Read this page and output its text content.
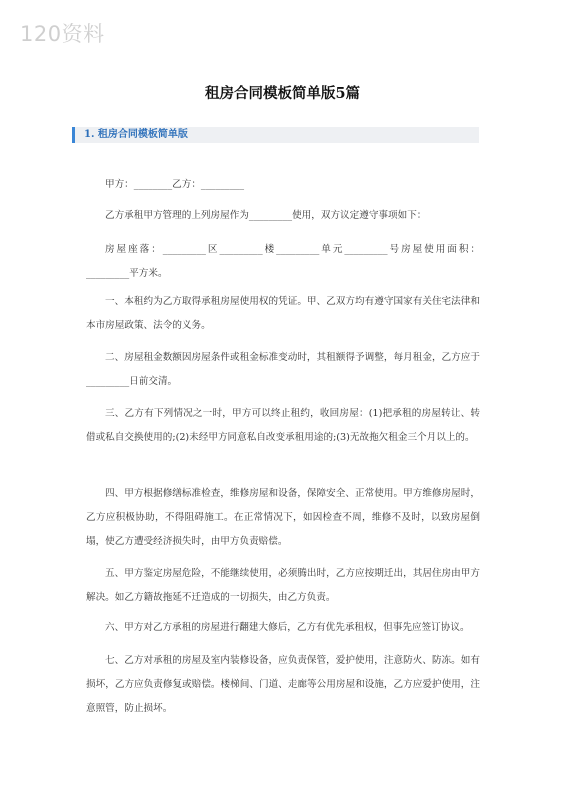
120资料
租房合同模板简单版5篇
1. 租房合同模板简单版

甲方：________乙方：_________

乙方承租甲方管理的上列房屋作为_________使用，双方议定遵守事项如下：

房屋座落：_________区_________楼_________单元_________号房屋使用面积：_________平方米。

一、本租约为乙方取得承租房屋使用权的凭证。甲、乙双方均有遵守国家有关住宅法律和本市房屋政策、法令的义务。

二、房屋租金数额因房屋条件或租金标准变动时，其租额得予调整，每月租金，乙方应于_________日前交清。

三、乙方有下列情况之一时，甲方可以终止租约，收回房屋：(1)把承租的房屋转让、转借或私自交换使用的;(2)未经甲方同意私自改变承租用途的;(3)无故拖欠租金三个月以上的。

四、甲方根据修缮标准检查，维修房屋和设备，保障安全、正常使用。甲方维修房屋时，乙方应积极协助，不得阻碍施工。在正常情况下，如因检查不周，维修不及时，以致房屋倒塌，使乙方遭受经济损失时，由甲方负责赔偿。

五、甲方鉴定房屋危险，不能继续使用，必须腾出时，乙方应按期迁出，其居住房由甲方解决。如乙方籍故拖延不迁造成的一切损失，由乙方负责。

六、甲方对乙方承租的房屋进行翻建大修后，乙方有优先承租权，但事先应签订协议。

七、乙方对承租的房屋及室内装修设备，应负责保管，爱护使用，注意防火、防冻。如有损坏，乙方应负责修复或赔偿。楼梯间、门道、走廊等公用房屋和设施，乙方应爱护使用，注意照管，防止损坏。
